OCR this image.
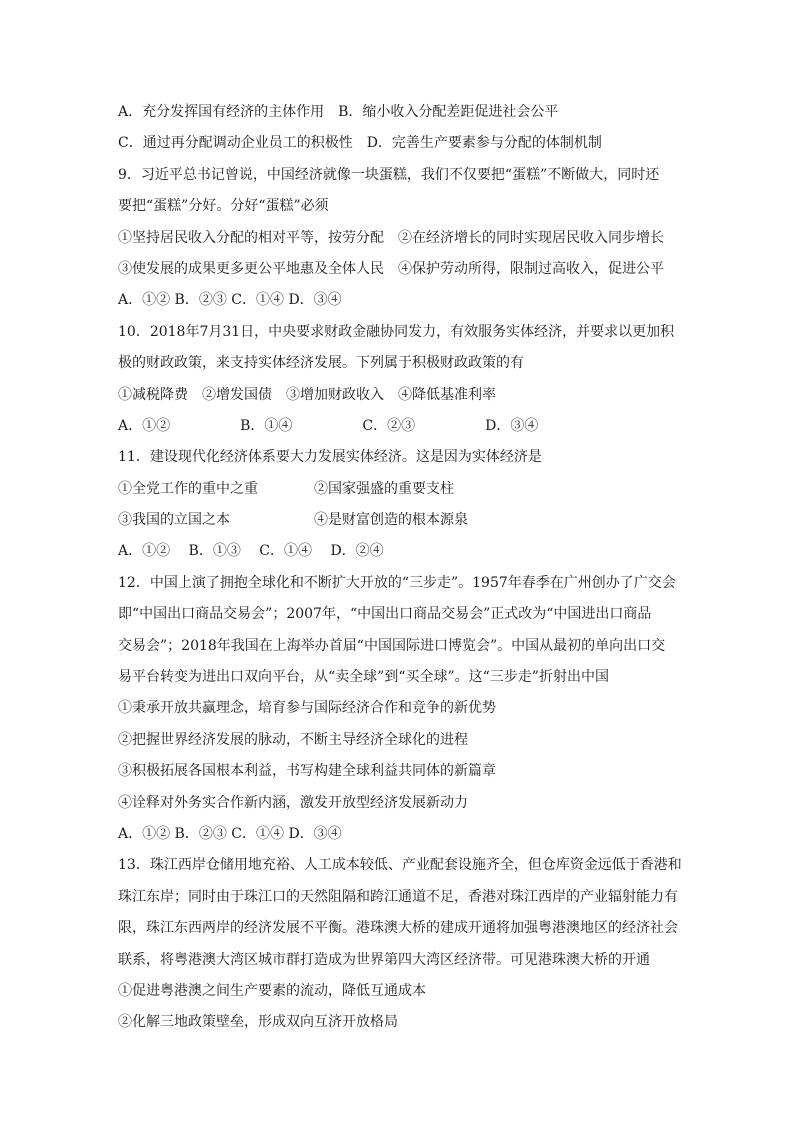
A．充分发挥国有经济的主体作用　B．缩小收入分配差距促进社会公平
C．通过再分配调动企业员工的积极性　D．完善生产要素参与分配的体制机制
9．习近平总书记曾说，中国经济就像一块蛋糕，我们不仅要把“蛋糕”不断做大，同时还
要把“蛋糕”分好。分好“蛋糕”必须
①坚持居民收入分配的相对平等，按劳分配　②在经济增长的同时实现居民收入同步增长
③使发展的成果更多更公平地惠及全体人民　④保护劳动所得，限制过高收入，促进公平
A．①② B．②③ C．①④ D．③④
10．2018年7月31日，中央要求财政金融协同发力，有效服务实体经济，并要求以更加积
极的财政政策，来支持实体经济发展。下列属于积极财政政策的有
①减税降费　②增发国债　③增加财政收入　④降低基准利率
A．①②　　　　　B．①④　　　　　C．②③　　　　　D．③④
11．建设现代化经济体系要大力发展实体经济。这是因为实体经济是
①全党工作的重中之重　　　　②国家强盛的重要支柱
③我国的立国之本　　　　　　④是财富创造的根本源泉
A．①②　 B．①③　 C．①④　 D．②④
12．中国上演了拥抱全球化和不断扩大开放的“三步走”。1957年春季在广州创办了广交会
即“中国出口商品交易会”；2007年，“中国出口商品交易会”正式改为“中国进出口商品
交易会”；2018年我国在上海举办首届“中国国际进口博览会”。中国从最初的单向出口交
易平台转变为进出口双向平台，从“卖全球”到“买全球”。这“三步走”折射出中国
①秉承开放共赢理念，培育参与国际经济合作和竞争的新优势
②把握世界经济发展的脉动，不断主导经济全球化的进程
③积极拓展各国根本利益，书写构建全球利益共同体的新篇章
④诠释对外务实合作新内涵，激发开放型经济发展新动力
A．①② B．②③ C．①④ D．③④
13．珠江西岸仓储用地充裕、人工成本较低、产业配套设施齐全，但仓库资金远低于香港和
珠江东岸；同时由于珠江口的天然阻隔和跨江通道不足，香港对珠江西岸的产业辐射能力有
限，珠江东西两岸的经济发展不平衡。港珠澳大桥的建成开通将加强粤港澳地区的经济社会
联系，将粤港澳大湾区城市群打造成为世界第四大湾区经济带。可见港珠澳大桥的开通
①促进粤港澳之间生产要素的流动，降低互通成本
②化解三地政策壁垒，形成双向互济开放格局
